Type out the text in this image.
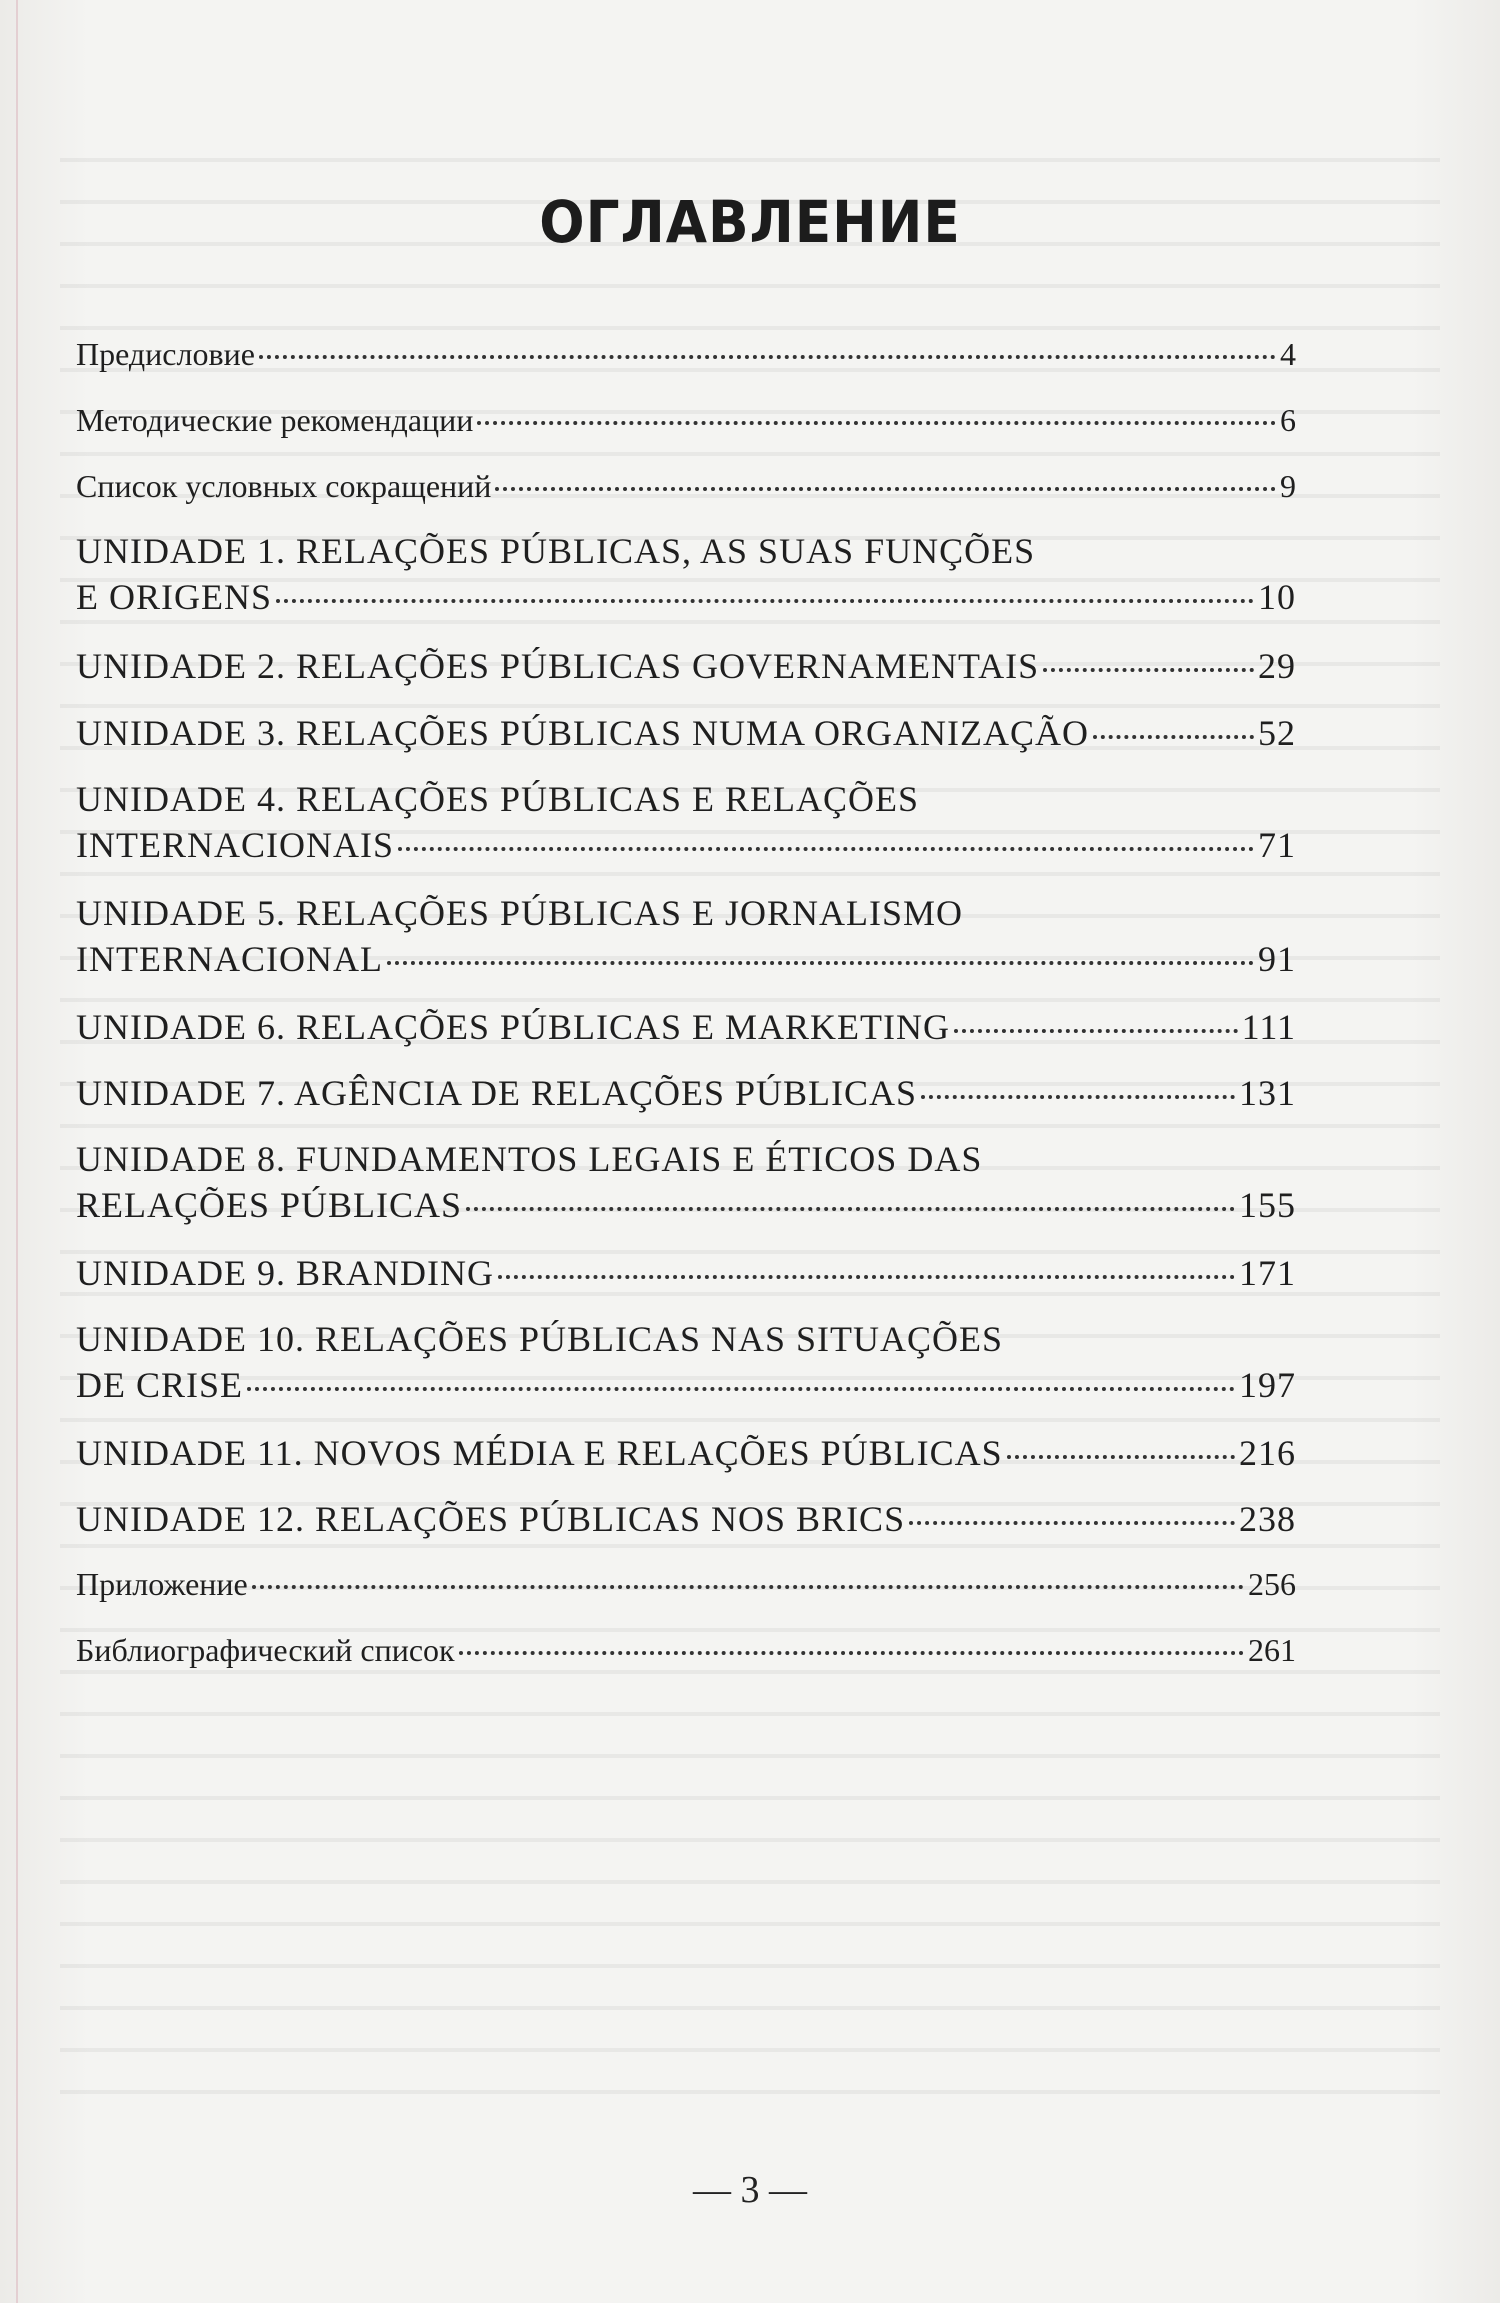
ОГЛАВЛЕНИЕ
Предисловие	4
Методические рекомендации	6
Список условных сокращений	9
UNIDADE 1. RELAÇÕES PÚBLICAS, AS SUAS FUNÇÕES
E ORIGENS	10
UNIDADE 2. RELAÇÕES PÚBLICAS GOVERNAMENTAIS	29
UNIDADE 3. RELAÇÕES PÚBLICAS NUMA ORGANIZAÇÃO	52
UNIDADE 4. RELAÇÕES PÚBLICAS E RELAÇÕES
INTERNACIONAIS	71
UNIDADE 5. RELAÇÕES PÚBLICAS E JORNALISMO
INTERNACIONAL	91
UNIDADE 6. RELAÇÕES PÚBLICAS E MARKETING	111
UNIDADE 7. AGÊNCIA DE RELAÇÕES PÚBLICAS	131
UNIDADE 8. FUNDAMENTOS LEGAIS E ÉTICOS DAS
RELAÇÕES PÚBLICAS	155
UNIDADE 9. BRANDING	171
UNIDADE 10. RELAÇÕES PÚBLICAS NAS SITUAÇÕES
DE CRISE	197
UNIDADE 11. NOVOS MÉDIA E RELAÇÕES PÚBLICAS	216
UNIDADE 12. RELAÇÕES PÚBLICAS NOS BRICS	238
Приложение	256
Библиографический список	261
— 3 —
